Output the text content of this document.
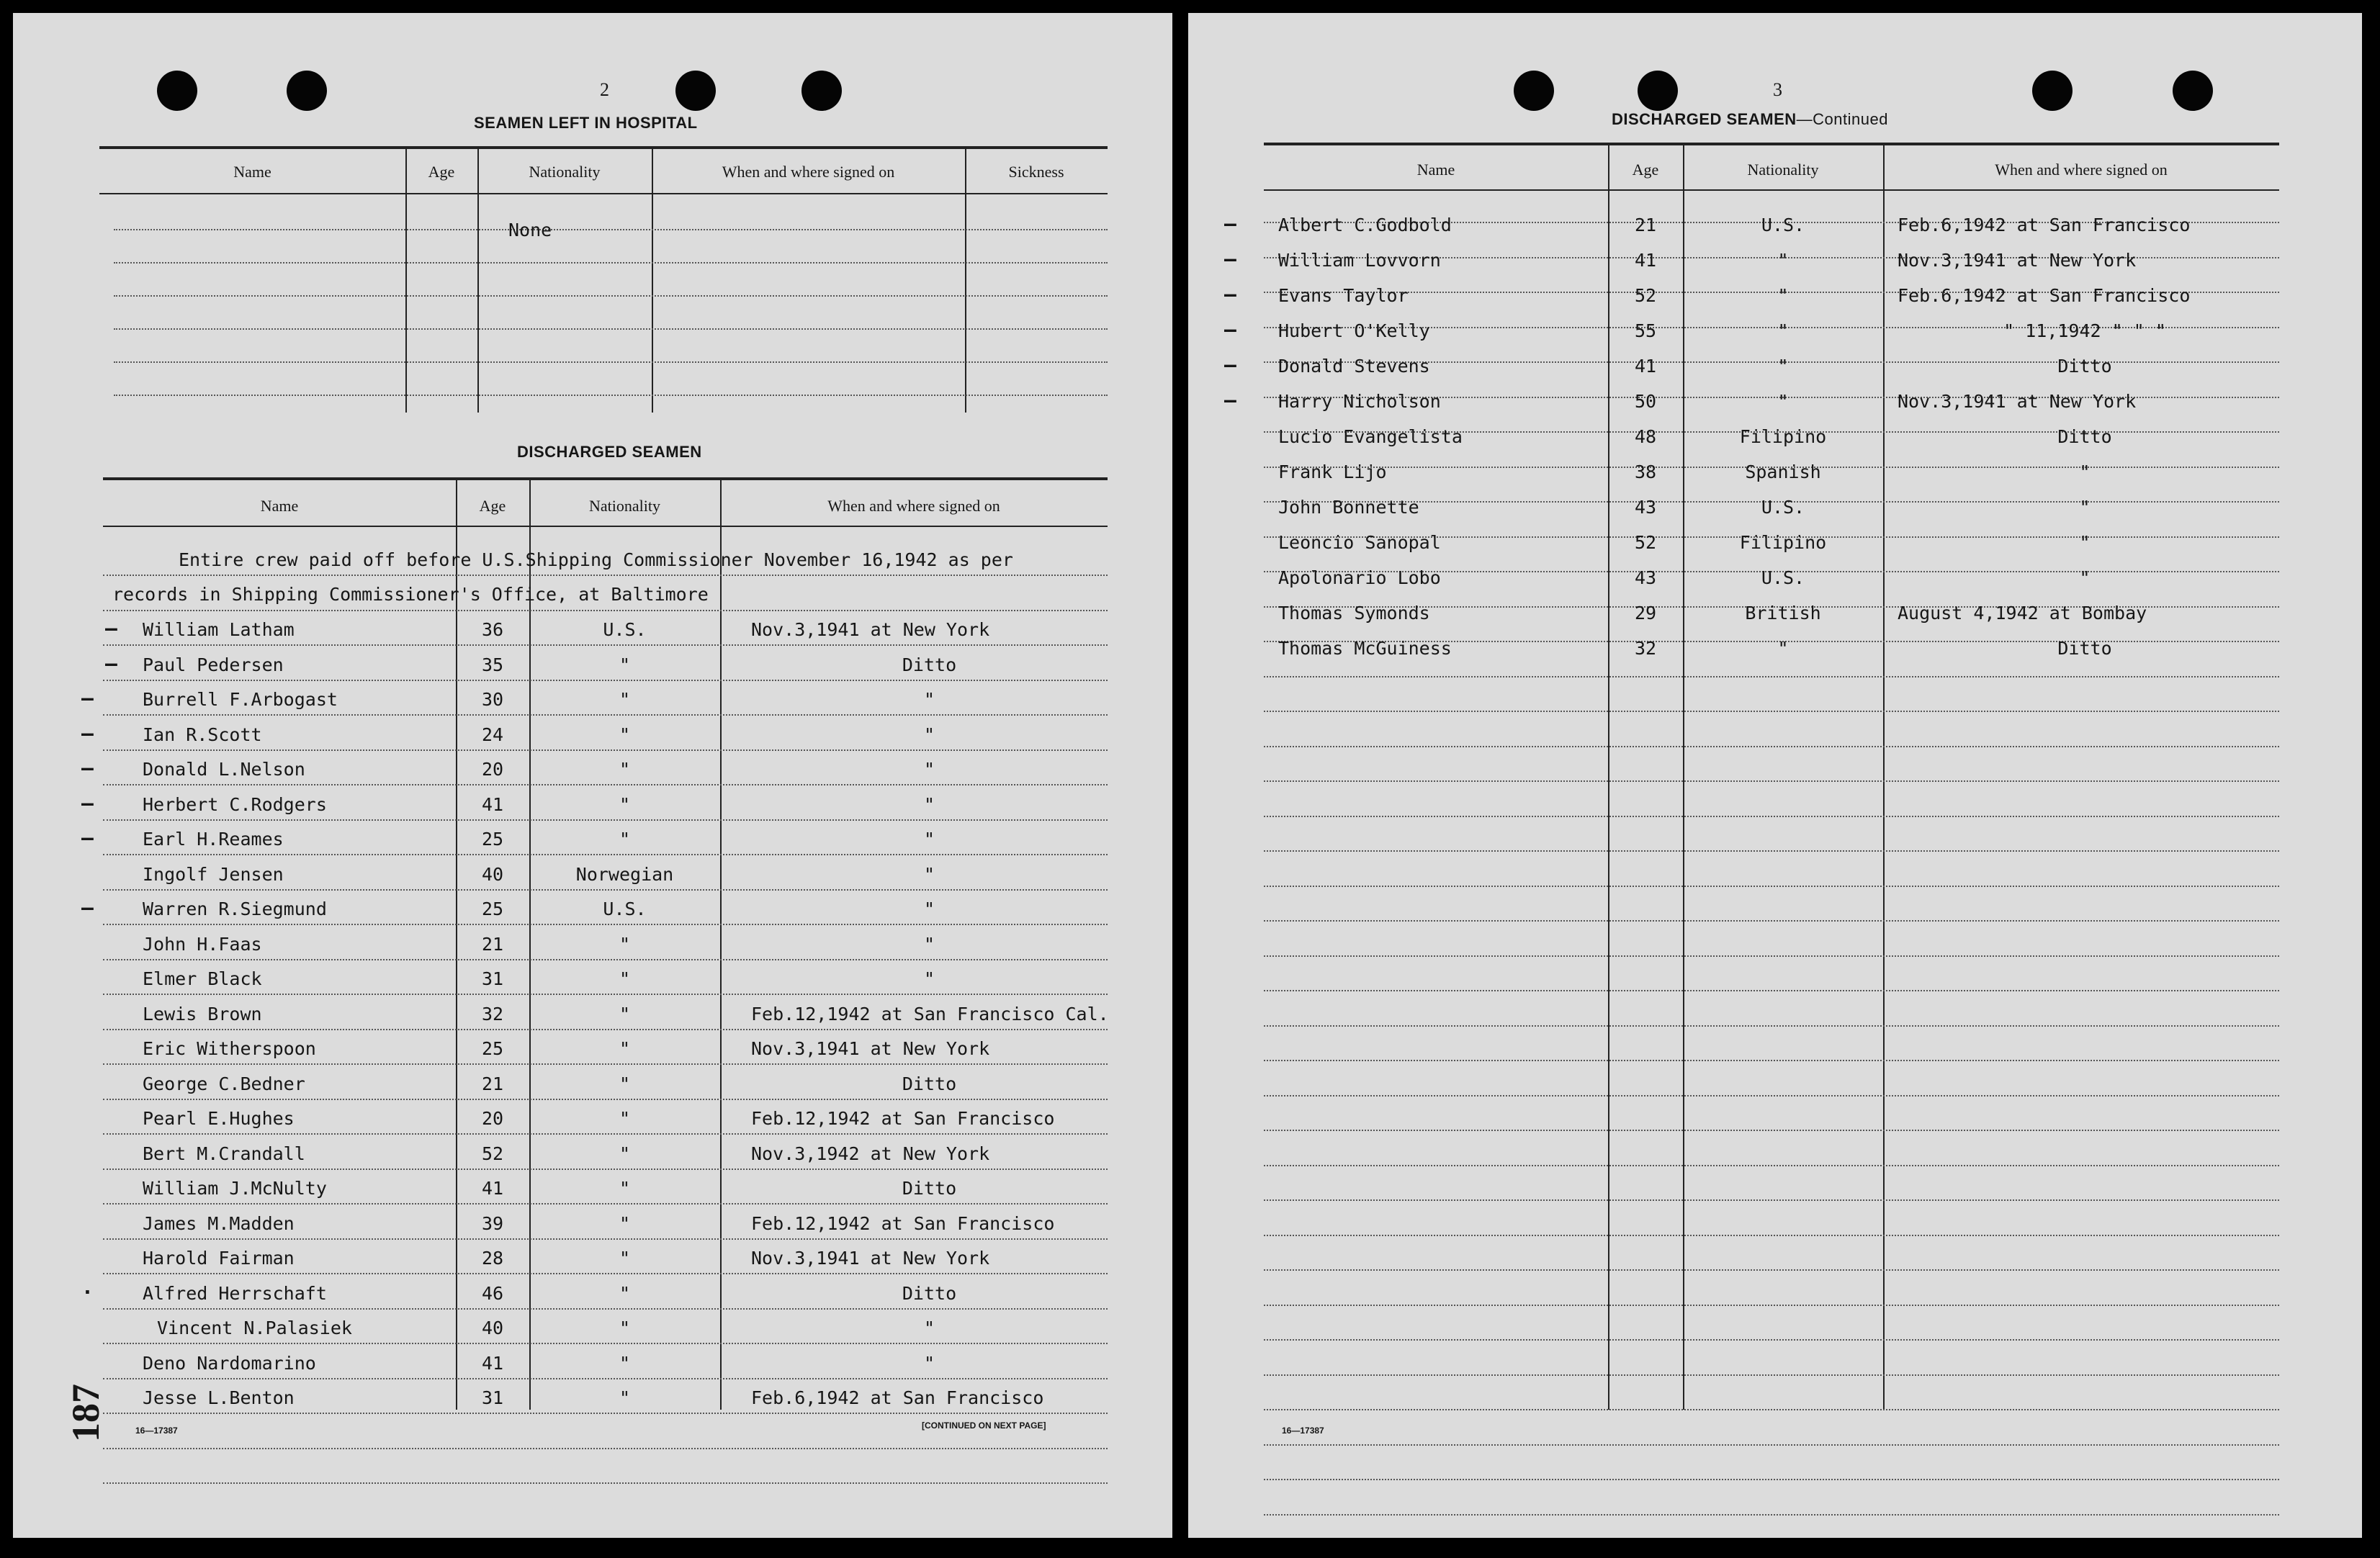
2
SEAMEN LEFT IN HOSPITAL
Name	Age	Nationality	When and where signed on	Sickness
None
DISCHARGED SEAMEN
Name	Age	Nationality	When and where signed on
Entire crew paid off before U.S.Shipping Commissioner November 16,1942 as per
records in Shipping Commissioner's Office, at Baltimore
— William Latham	36	U.S.	Nov.3,1941 at New York
— Paul Pedersen	35	"	Ditto
—	Burrell F.Arbogast	30	"	"
—	Ian R.Scott	24	"	"
—	Donald L.Nelson	20	"	"
—	Herbert C.Rodgers	41	"	"
—	Earl H.Reames	25	"	"
Ingolf Jensen	40	Norwegian	"
—	Warren R.Siegmund	25	U.S.	"
John H.Faas	21	"	"
Elmer Black	31	"	"
Lewis Brown	32	"	Feb.12,1942 at San Francisco Cal.
Eric Witherspoon	25	"	Nov.3,1941 at New York
George C.Bedner	21	"	Ditto
Pearl E.Hughes	20	"	Feb.12,1942 at San Francisco
Bert M.Crandall	52	"	Nov.3,1942 at New York
William J.McNulty	41	"	Ditto
James M.Madden	39	"	Feb.12,1942 at San Francisco
Harold Fairman	28	"	Nov.3,1941 at New York
·	Alfred Herrschaft	46	"	Ditto
Vincent N.Palasiek	40	"	"
Deno Nardomarino	41	"	"
Jesse L.Benton	31	"	Feb.6,1942 at San Francisco
16—17387	[CONTINUED ON NEXT PAGE]
187
3
DISCHARGED SEAMEN—Continued
Name	Age	Nationality	When and where signed on
— Albert C.Godbold	21	U.S.	Feb.6,1942 at San Francisco
— William Lovvorn	41	"	Nov.3,1941 at New York
— Evans Taylor	52	"	Feb.6,1942 at San Francisco
— Hubert O'Kelly	55	"	" 11,1942 " " "
— Donald Stevens	41	"	Ditto
— Harry Nicholson	50	"	Nov.3,1941 at New York
Lucio Evangelista	48	Filipino	Ditto
Frank Lijo	38	Spanish	"
John Bonnette	43	U.S.	"
Leoncio Sanopal	52	Filipino	"
Apolonario Lobo	43	U.S.	"
Thomas Symonds	29	British	August 4,1942 at Bombay
Thomas McGuiness	32	"	Ditto
16—17387
